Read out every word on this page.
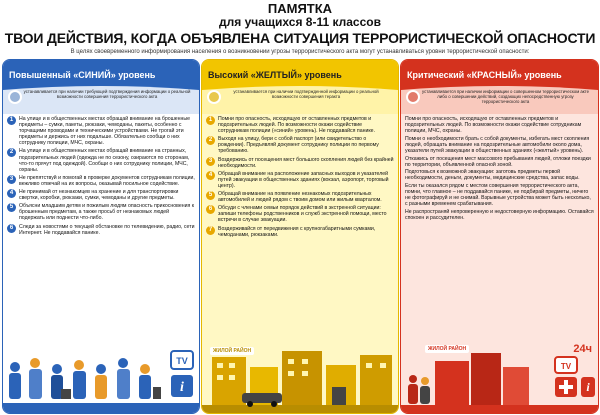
ПАМЯТКА
для учащихся 8-11 классов
ТВОИ ДЕЙСТВИЯ, КОГДА ОБЪЯВЛЕНА СИТУАЦИЯ ТЕРРОРИСТИЧЕСКОЙ ОПАСНОСТИ
В целях своевременного информирования населения о возникновении угрозы террористического акта могут устанавливаться уровни террористической опасности:
Повышенный «СИНИЙ» уровень
устанавливается при наличии требующей подтверждения информации о реальной возможности совершения террористического акта
1	На улице и в общественных местах обращай внимание на брошенные предметы – сумки, пакеты, рюкзаки, чемоданы, пакеты, особенно с торчащими проводами и техническими устройствами. Не трогай эти предметы и держись от них подальше. Обязательно сообщи о них сотруднику полиции, МЧС, охраны.
2	На улице и в общественных местах обращай внимание на странных, подозрительных людей (одежда не по сезону, озираются по сторонам, что-то прячут под одеждой). Сообщи о них сотруднику полиции, МЧС, охраны.
3	Не препятствуй и помогай в проверке документов сотрудникам полиции, вежливо отвечай на их вопросы, оказывай посильное содействие.
4	Не принимай от незнакомцев на хранение и для транспортировки свертки, коробки, рюкзаки, сумки, чемоданы и другие предметы.
5	Объясни младшим детям и пожилым людям опасность прикосновения к брошенным предметам, а также просьб от незнакомых людей подержать или поднести что-либо.
6	Следи за новостями о текущей обстановке по телевидению, радио, сети Интернет. Не поддавайся панике.
TV
i
Высокий «ЖЕЛТЫЙ» уровень
устанавливается при наличии подтвержденной информации о реальной возможности совершения теракта
1	Помни про опасность, исходящую от оставленных предметов и подозрительных людей. По возможности окажи содействие сотрудникам полиции («синий» уровень). Не поддавайся панике.
2	Выходя на улицу, бери с собой паспорт (или свидетельство о рождении). Предъявляй документ сотруднику полиции по первому требованию.
3	Воздержись от посещения мест большого скопления людей без крайней необходимости.
4	Обращай внимание на расположение запасных выходов и указателей путей эвакуации в общественных зданиях (вокзал, аэропорт, торговый центр).
5	Обращай внимание на появление незнакомых подозрительных автомобилей и людей рядом с твоим домом или жилым кварталом.
6	Обсуди с членами семьи порядок действий в экстренной ситуации: запиши телефоны родственников и служб экстренной помощи, место встречи в случае эвакуации.
7	Воздерживайся от передвижения с крупногабаритными сумками, чемоданами, рюкзаками.
ЖИЛОЙ РАЙОН
Критический «КРАСНЫЙ» уровень
устанавливается при наличии информации о совершенном террористическом акте либо о совершении действий, создающих непосредственную угрозу террористического акта
Помни про опасность, исходящую от оставленных предметов и подозрительных людей. По возможности окажи содействие сотрудникам полиции, МЧС, охраны.
Помни о необходимости брать с собой документы, избегать мест скопления людей, обращать внимание на подозрительные автомобили около дома, указатели путей эвакуации в общественных зданиях («желтый» уровень).
Откажись от посещения мест массового пребывания людей, отложи поездки по территории, объявленной опасной зоной.
Подготовься к возможной эвакуации: заготовь предметы первой необходимости, деньги, документы, медицинские средства, запас воды.
Если ты оказался рядом с местом совершения террористического акта, помни, что главное – не поддавайся панике, не подбирай предметы, ничего не фотографируй и не снимай. Взрывные устройства может быть несколько, с разными временем срабатывания.
Не распространяй непроверенную и недостоверную информацию. Оставайся спокоен и рассудителен.
TV
i
ЖИЛОЙ РАЙОН	24ч
